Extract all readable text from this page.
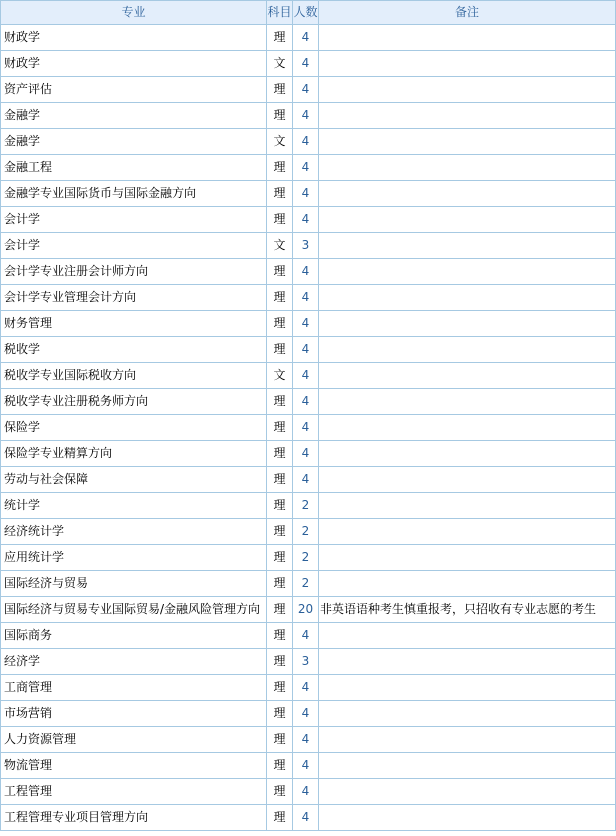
专业	科目	人数	备注
财政学	理	4	
财政学	文	4	
资产评估	理	4	
金融学	理	4	
金融学	文	4	
金融工程	理	4	
金融学专业国际货币与国际金融方向	理	4	
会计学	理	4	
会计学	文	3	
会计学专业注册会计师方向	理	4	
会计学专业管理会计方向	理	4	
财务管理	理	4	
税收学	理	4	
税收学专业国际税收方向	文	4	
税收学专业注册税务师方向	理	4	
保险学	理	4	
保险学专业精算方向	理	4	
劳动与社会保障	理	4	
统计学	理	2	
经济统计学	理	2	
应用统计学	理	2	
国际经济与贸易	理	2	
国际经济与贸易专业国际贸易/金融风险管理方向	理	20	非英语语种考生慎重报考，只招收有专业志愿的考生
国际商务	理	4	
经济学	理	3	
工商管理	理	4	
市场营销	理	4	
人力资源管理	理	4	
物流管理	理	4	
工程管理	理	4	
工程管理专业项目管理方向	理	4	
